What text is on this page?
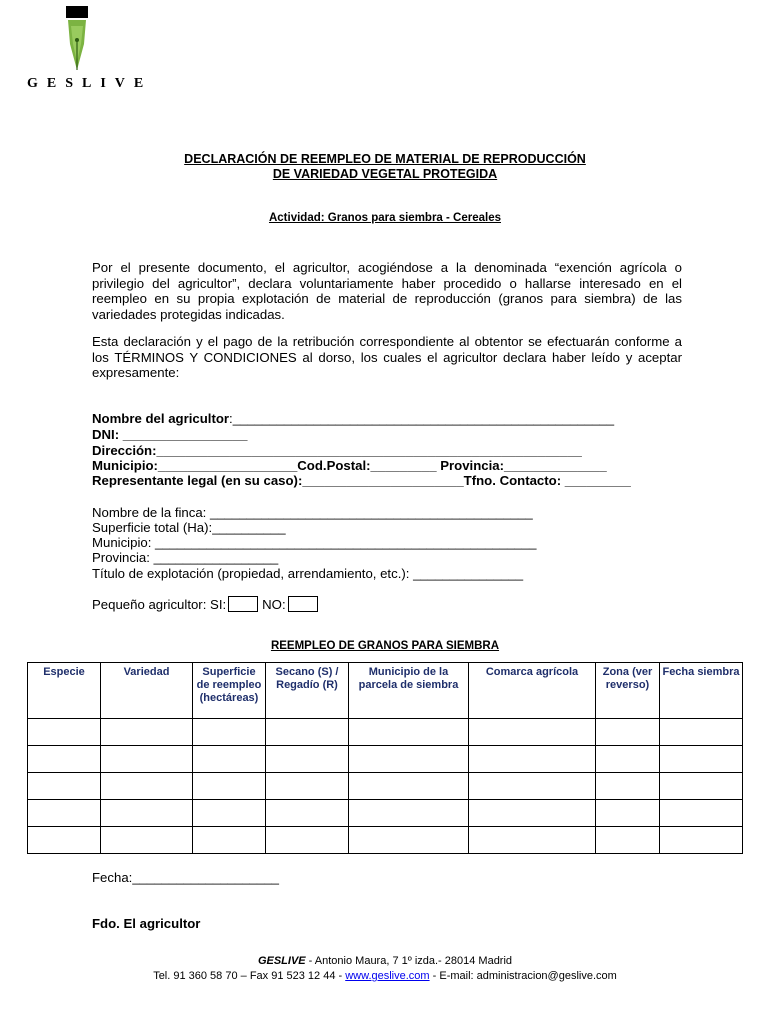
GESLIVE
DECLARACIÓN DE REEMPLEO DE MATERIAL DE REPRODUCCIÓN
DE VARIEDAD VEGETAL PROTEGIDA
Actividad: Granos para siembra - Cereales

Por el presente documento, el agricultor, acogiéndose a la denominada “exención agrícola o privilegio del agricultor”, declara voluntariamente haber procedido o hallarse interesado en el reempleo en su propia explotación de material de reproducción (granos para siembra) de las variedades protegidas indicadas.

Esta declaración y el pago de la retribución correspondiente al obtentor se efectuarán conforme a los TÉRMINOS Y CONDICIONES al dorso, los cuales el agricultor declara haber leído y aceptar expresamente:

Nombre del agricultor:____________________________________________________
DNI: _________________
Dirección:__________________________________________________________
Municipio:___________________Cod.Postal:_________ Provincia:______________
Representante legal (en su caso):______________________Tfno. Contacto: _________
Nombre de la finca: ____________________________________________
Superficie total (Ha):__________
Municipio: ____________________________________________________
Provincia: _________________
Título de explotación (propiedad, arrendamiento, etc.): _______________
Pequeño agricultor: SI:	NO:
REEMPLEO DE GRANOS PARA SIEMBRA
Especie	Variedad	Superficie de reempleo (hectáreas)	Secano (S) / Regadío (R)	Municipio de la parcela de siembra	Comarca agrícola	Zona (ver reverso)	Fecha siembra

Fecha:____________________
Fdo. El agricultor
GESLIVE - Antonio Maura, 7 1º izda.- 28014 Madrid
Tel. 91 360 58 70 – Fax 91 523 12 44 - www.geslive.com - E-mail: administracion@geslive.com
